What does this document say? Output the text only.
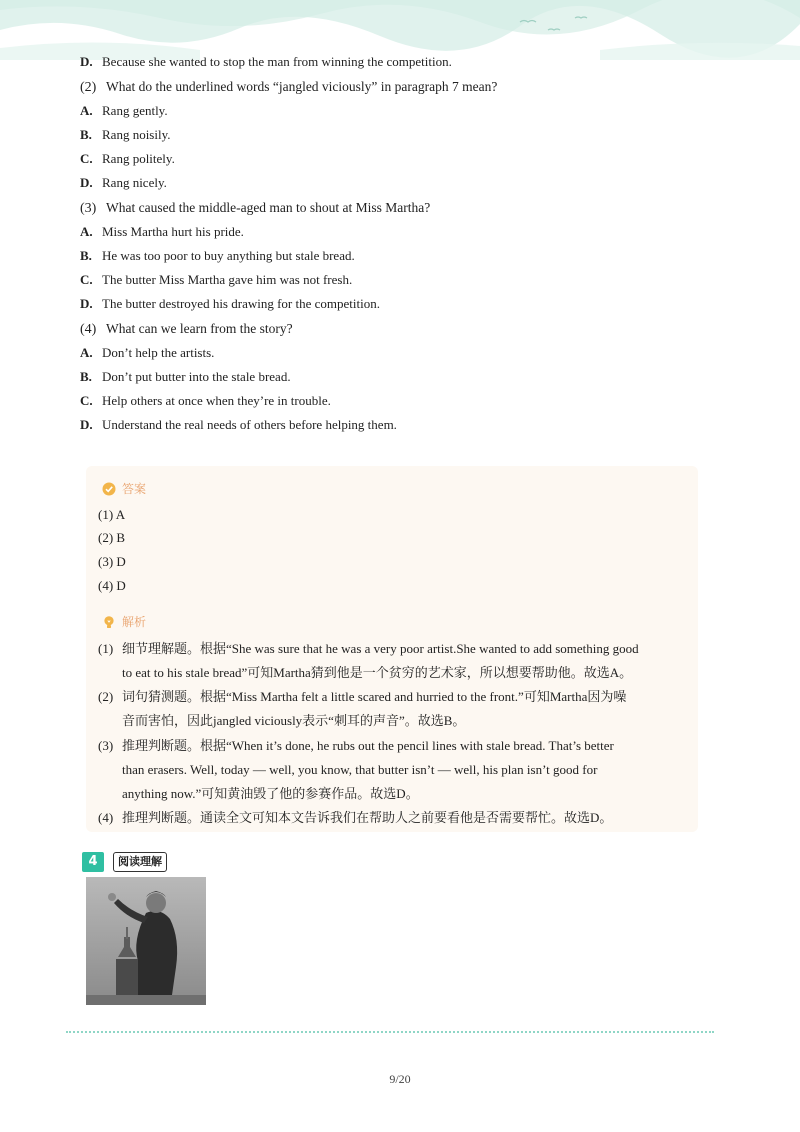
D. Because she wanted to stop the man from winning the competition.
(2) What do the underlined words “jangled viciously” in paragraph 7 mean?
A. Rang gently.
B. Rang noisily.
C. Rang politely.
D. Rang nicely.
(3) What caused the middle-aged man to shout at Miss Martha?
A. Miss Martha hurt his pride.
B. He was too poor to buy anything but stale bread.
C. The butter Miss Martha gave him was not fresh.
D. The butter destroyed his drawing for the competition.
(4) What can we learn from the story?
A. Don’t help the artists.
B. Don’t put butter into the stale bread.
C. Help others at once when they’re in trouble.
D. Understand the real needs of others before helping them.
答案
(1) A
(2) B
(3) D
(4) D
解析
(1) 细节理解题。根据“She was sure that he was a very poor artist.She wanted to add something good
to eat to his stale bread”可知Martha猜到他是一个贫穷的艺术家，所以想要帮助他。故选A。
(2) 词句猜测题。根据“Miss Martha felt a little scared and hurried to the front.”可知Martha因为噪
音而害怕，因此jangled viciously表示“刺耳的声音”。故选B。
(3) 推理判断题。根据“When it’s done, he rubs out the pencil lines with stale bread. That’s better
than erasers. Well, today — well, you know, that butter isn’t — well, his plan isn’t good for
anything now.”可知黄油毁了他的参赛作品。故选D。
(4) 推理判断题。通读全文可知本文告诉我们在帮助人之前要看他是否需要帮忙。故选D。
4	阅读理解
9/20
